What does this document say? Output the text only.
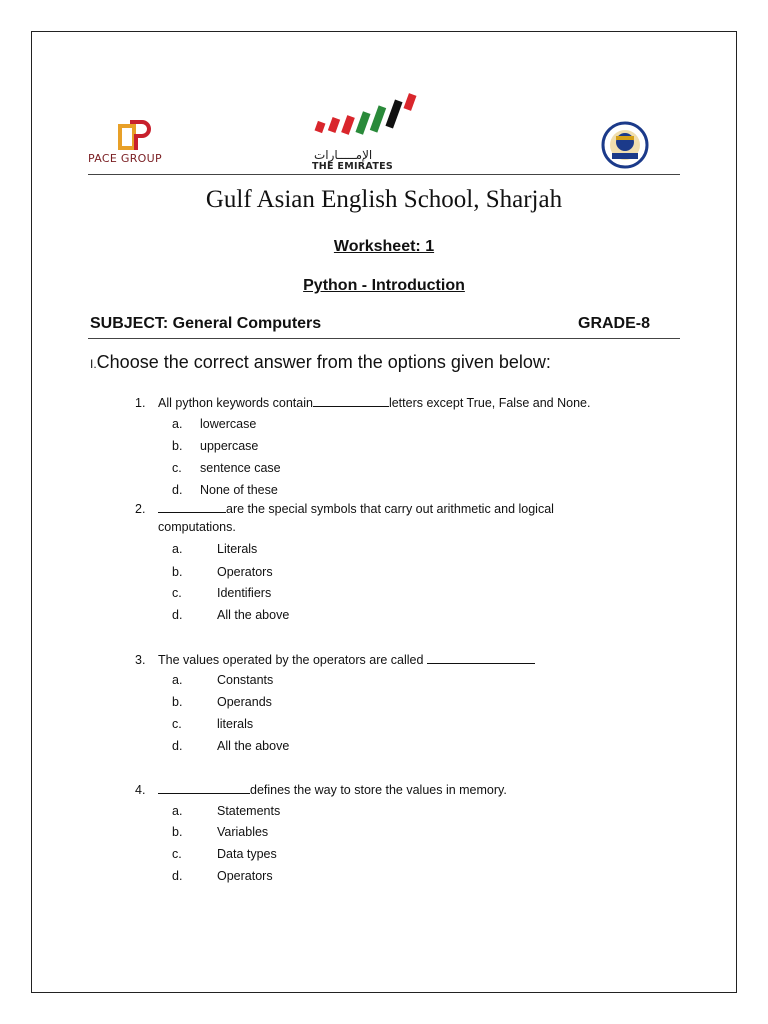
PACE GROUP	الإمـــــارات
THE EMIRATES
Gulf Asian English School, Sharjah
Worksheet: 1
Python - Introduction
SUBJECT: General Computers	GRADE-8
I.Choose the correct answer from the options given below:
1. All python keywords contain	letters except True, False and None.
a. lowercase
b. uppercase
c. sentence case
d. None of these
2.	are the special symbols that carry out arithmetic and logical
computations.
a.	Literals
b.	Operators
c.	Identifiers
d.	All the above
3. The values operated by the operators are called
a.	Constants
b.	Operands
c.	literals
d.	All the above
4.	defines the way to store the values in memory.
a.	Statements
b.	Variables
c.	Data types
d.	Operators
